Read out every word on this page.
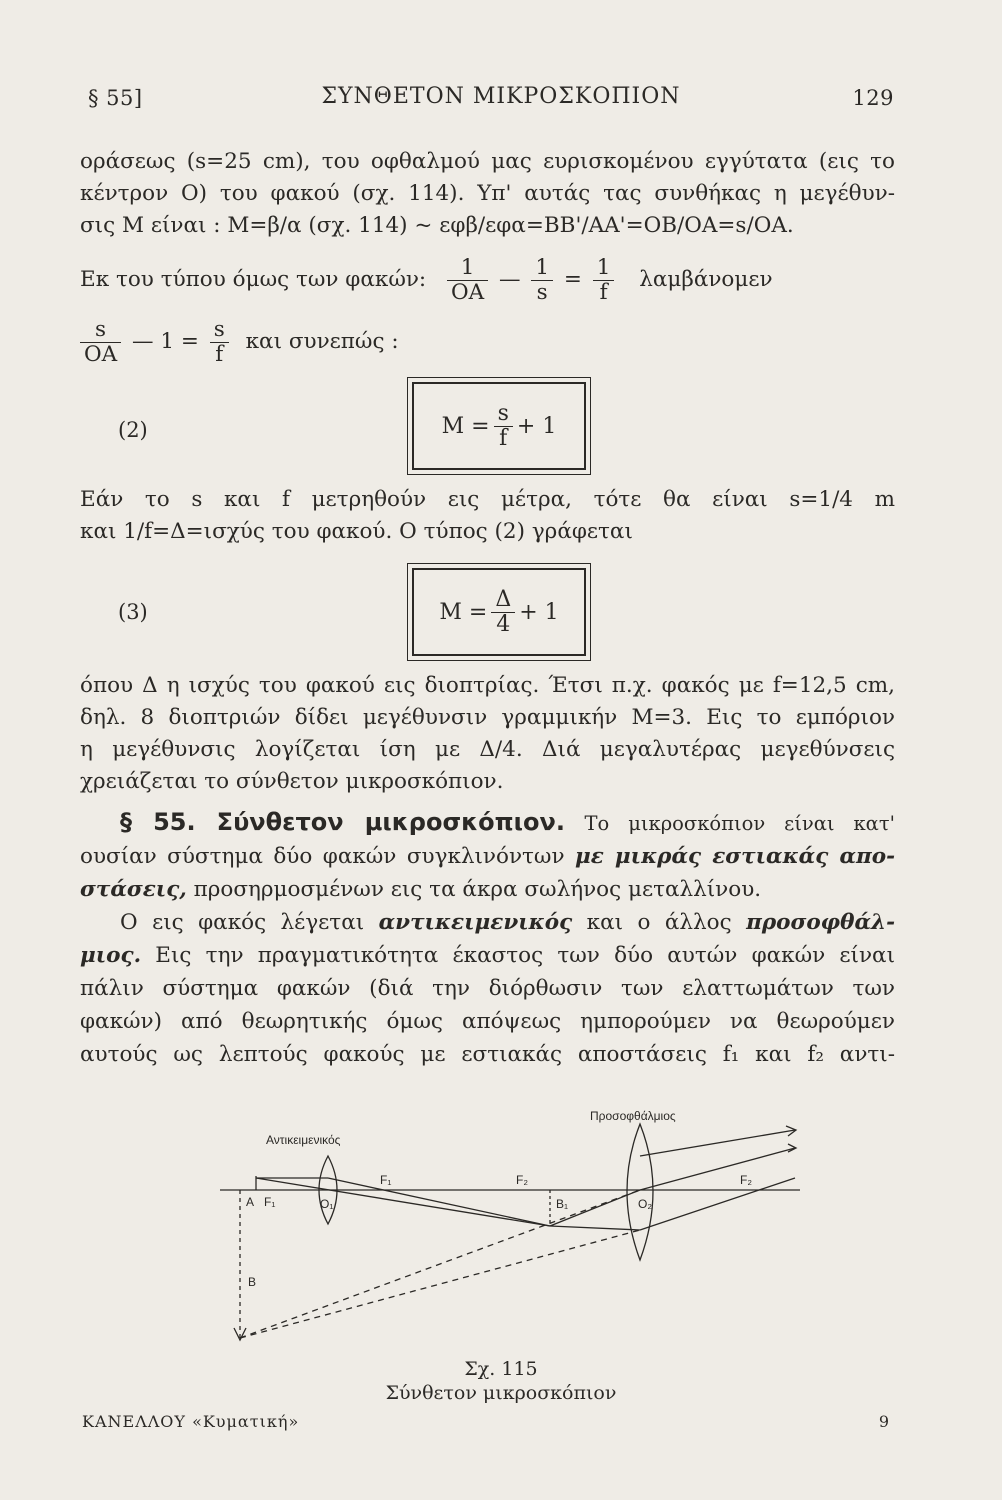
§ 55]	ΣΥΝΘΕΤΟΝ ΜΙΚΡΟΣΚΟΠΙΟΝ	129
οράσεως (s=25 cm), του οφθαλμού μας ευρισκομένου εγγύτατα (εις το
κέντρον O) του φακού (σχ. 114). Υπ' αυτάς τας συνθήκας η μεγέθυν-
σις M είναι : M=β/α (σχ. 114) ~ εφβ/εφα=BB'/AA'=OB/OA=s/OA.
Εκ του τύπου όμως των φακών: $\frac{1}{OA}$ — $\frac{1}{s} = \frac{1}{f}$ λαμβάνομεν
$\frac{s}{OA}$ — $1 = \frac{s}{f}$ και συνεπώς :
(2)	$M = \frac{s}{f} + 1$
Εάν το s και f μετρηθούν εις μέτρα, τότε θα είναι s=1/4 m
και 1/f=Δ=ισχύς του φακού. Ο τύπος (2) γράφεται
(3)	$M = \frac{\Delta}{4} + 1$
όπου Δ η ισχύς του φακού εις διοπτρίας. Έτσι π.χ. φακός με f=12,5 cm,
δηλ. 8 διοπτριών δίδει μεγέθυνσιν γραμμικήν M=3. Εις το εμπόριον
η μεγέθυνσις λογίζεται ίση με Δ/4. Διά μεγαλυτέρας μεγεθύνσεις
χρειάζεται το σύνθετον μικροσκόπιον.
§ 55. Σύνθετον μικροσκόπιον. Το μικροσκόπιον είναι κατ'
ουσίαν σύστημα δύο φακών συγκλινόντων με μικράς εστιακάς απο-
στάσεις, προσηρμοσμένων εις τα άκρα σωλήνος μεταλλίνου.
Ο εις φακός λέγεται αντικειμενικός και ο άλλος προσοφθάλ-
μιος. Εις την πραγματικότητα έκαστος των δύο αυτών φακών είναι
πάλιν σύστημα φακών (διά την διόρθωσιν των ελαττωμάτων των
φακών) από θεωρητικής όμως απόψεως ημπορούμεν να θεωρούμεν
αυτούς ως λεπτούς φακούς με εστιακάς αποστάσεις f₁ και f₂ αντι-
Αντικειμενικός
Προσοφθάλμιος
A F₁	O₁
F₁	F₂
B₁	O₂
F₂
B
Σχ. 115
Σύνθετον μικροσκόπιον
ΚΑΝΕΛΛΟΥ «Κυματική»	9
